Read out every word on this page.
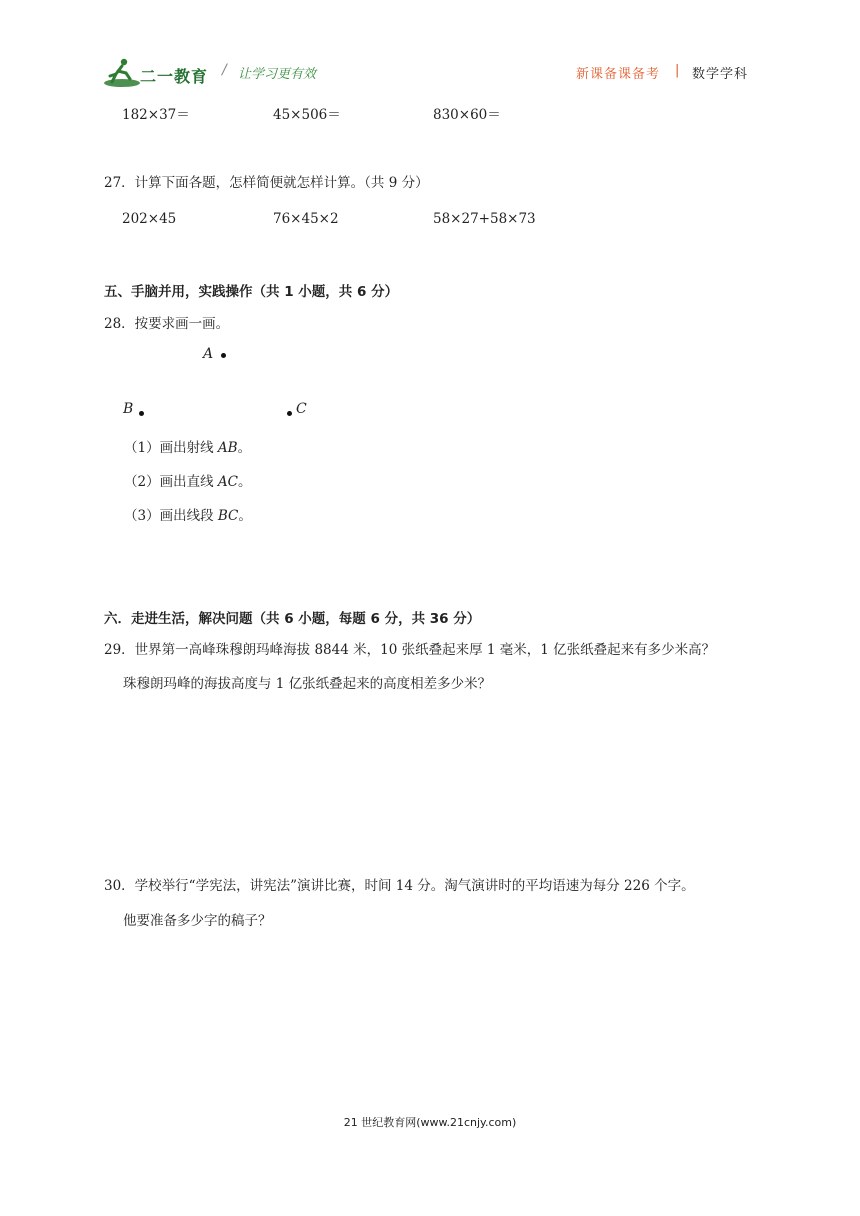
二一教育 / 让学习更有效	新课备课备考 | 数学学科
182×37＝	45×506＝	830×60＝
27．计算下面各题，怎样简便就怎样计算。（共 9 分）
202×45	76×45×2	58×27+58×73
五、手脑并用，实践操作（共 1 小题，共 6 分）
28．按要求画一画。
A
B	C
（1）画出射线 AB。
（2）画出直线 AC。
（3）画出线段 BC。
六．走进生活，解决问题（共 6 小题，每题 6 分，共 36 分）
29．世界第一高峰珠穆朗玛峰海拔 8844 米，10 张纸叠起来厚 1 毫米，1 亿张纸叠起来有多少米高？
珠穆朗玛峰的海拔高度与 1 亿张纸叠起来的高度相差多少米？
30．学校举行“学宪法，讲宪法”演讲比赛，时间 14 分。淘气演讲时的平均语速为每分 226 个字。
他要准备多少字的稿子？
21 世纪教育网(www.21cnjy.com)
